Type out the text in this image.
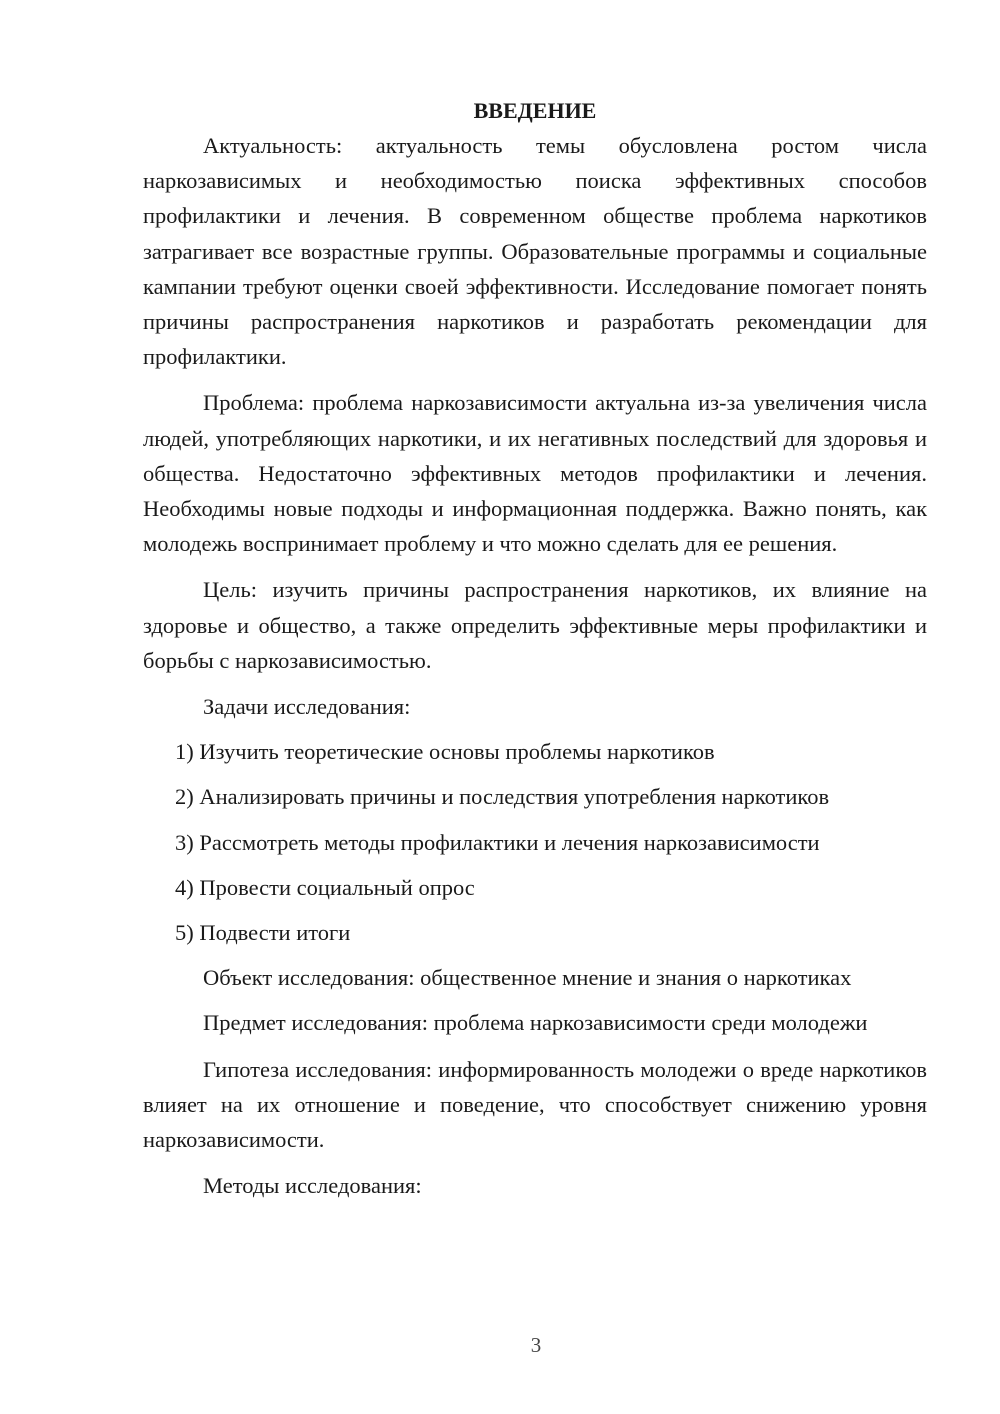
ВВЕДЕНИЕ

Актуальность: актуальность темы обусловлена ростом числа наркозависимых и необходимостью поиска эффективных способов профилактики и лечения. В современном обществе проблема наркотиков затрагивает все возрастные группы. Образовательные программы и социальные кампании требуют оценки своей эффективности. Исследование помогает понять причины распространения наркотиков и разработать рекомендации для профилактики.

Проблема: проблема наркозависимости актуальна из-за увеличения числа людей, употребляющих наркотики, и их негативных последствий для здоровья и общества. Недостаточно эффективных методов профилактики и лечения. Необходимы новые подходы и информационная поддержка. Важно понять, как молодежь воспринимает проблему и что можно сделать для ее решения.

Цель: изучить причины распространения наркотиков, их влияние на здоровье и общество, а также определить эффективные меры профилактики и борьбы с наркозависимостью.

Задачи исследования:
1) Изучить теоретические основы проблемы наркотиков
2) Анализировать причины и последствия употребления наркотиков
3) Рассмотреть методы профилактики и лечения наркозависимости
4) Провести социальный опрос
5) Подвести итоги
Объект исследования: общественное мнение и знания о наркотиках

Предмет исследования: проблема наркозависимости среди молодежи

Гипотеза исследования: информированность молодежи о вреде наркотиков влияет на их отношение и поведение, что способствует снижению уровня наркозависимости.

Методы исследования:
3
